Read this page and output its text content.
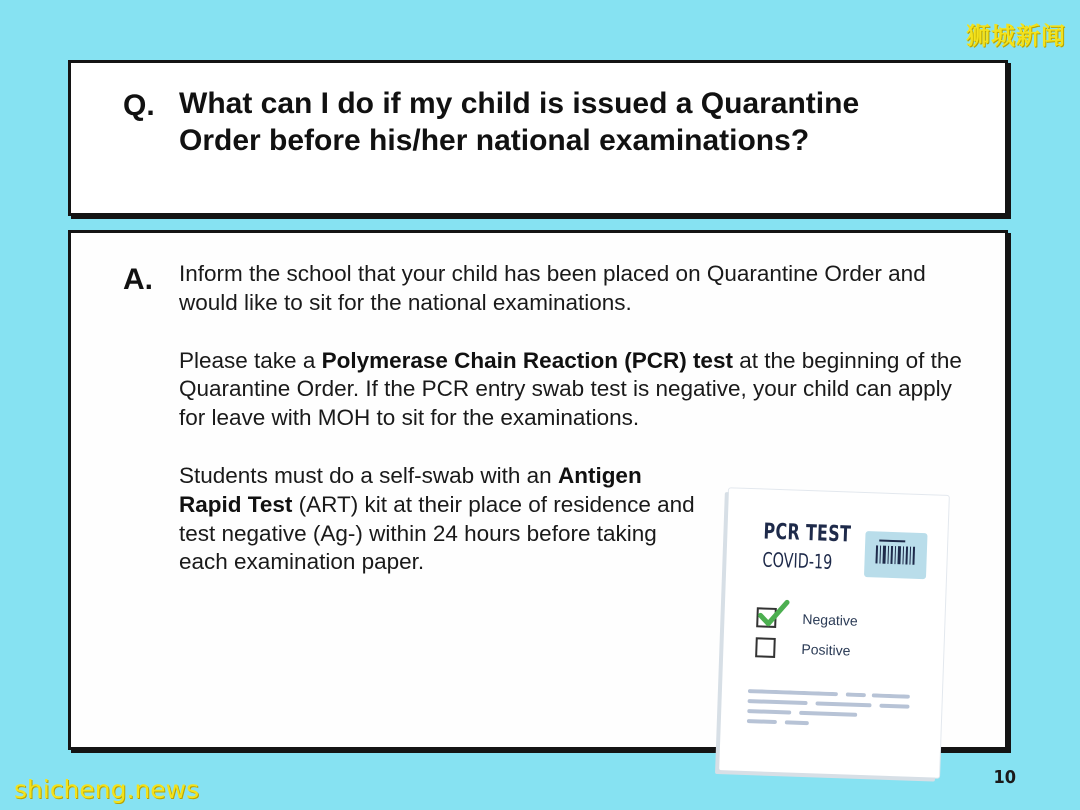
狮城新闻
Q. What can I do if my child is issued a Quarantine Order before his/her national examinations?
A. Inform the school that your child has been placed on Quarantine Order and would like to sit for the national examinations.

Please take a Polymerase Chain Reaction (PCR) test at the beginning of the Quarantine Order. If the PCR entry swab test is negative, your child can apply for leave with MOH to sit for the examinations.

Students must do a self-swab with an Antigen Rapid Test (ART) kit at their place of residence and test negative (Ag-) within 24 hours before taking each examination paper.

PCR TEST
COVID-19
Negative
Positive
10
shicheng.news
